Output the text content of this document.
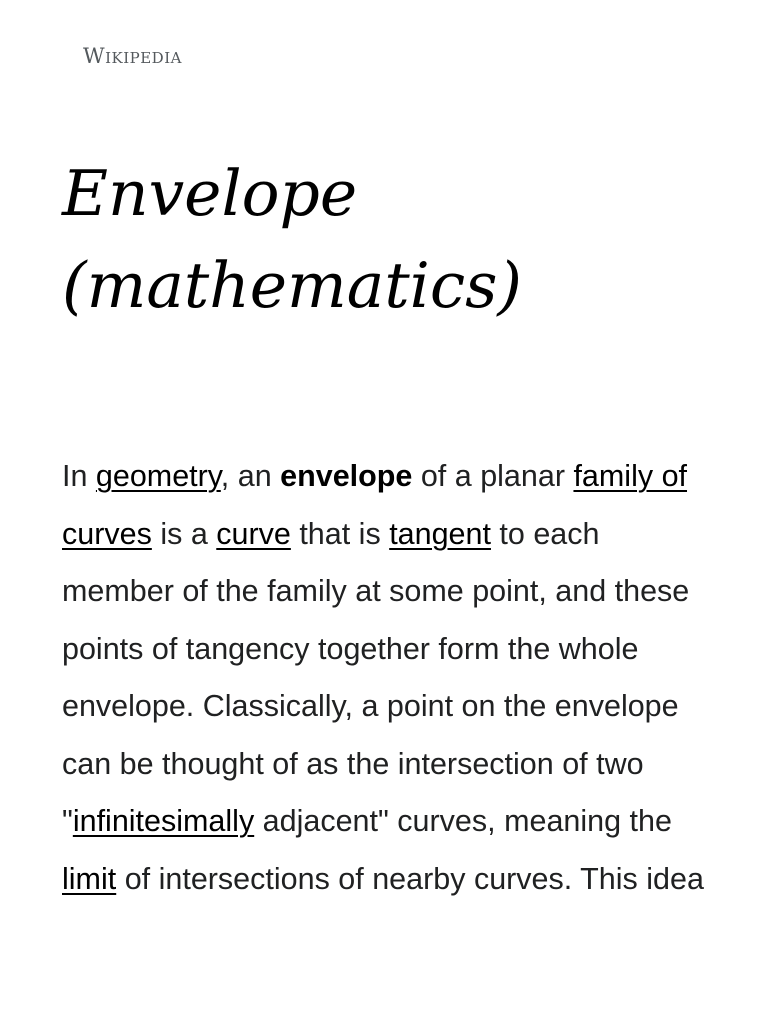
Wikipedia
Envelope
(mathematics)

In geometry, an envelope of a planar family of curves is a curve that is tangent to each member of the family at some point, and these points of tangency together form the whole envelope. Classically, a point on the envelope can be thought of as the intersection of two "infinitesimally adjacent" curves, meaning the limit of intersections of nearby curves. This idea
